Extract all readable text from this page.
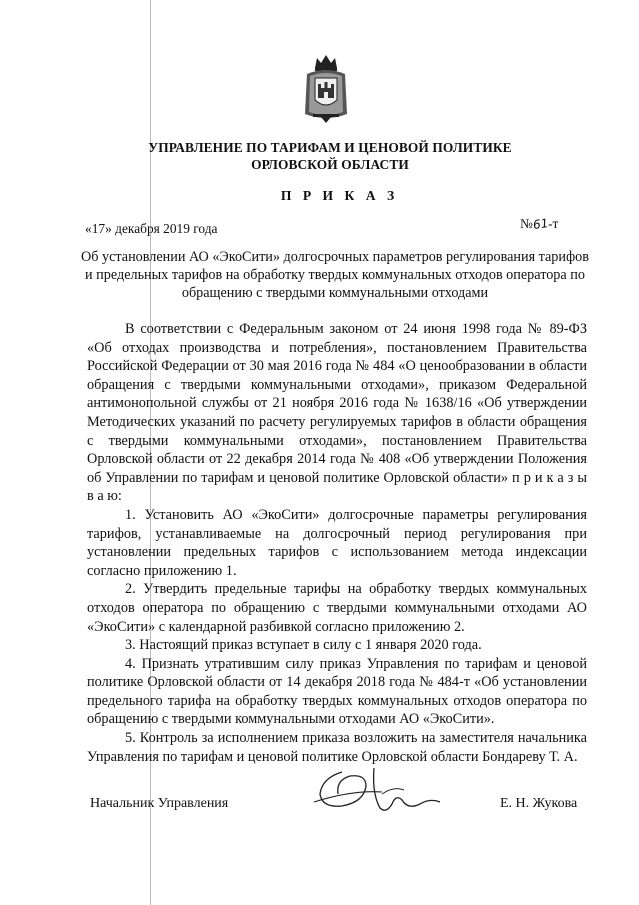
УПРАВЛЕНИЕ ПО ТАРИФАМ И ЦЕНОВОЙ ПОЛИТИКЕ
ОРЛОВСКОЙ ОБЛАСТИ
П Р И К А З
«17» декабря 2019 года	№61-т
Об установлении АО «ЭкоСити» долгосрочных параметров регулирования тарифов и предельных тарифов на обработку твердых коммунальных отходов оператора по обращению с твердыми коммунальными отходами

В соответствии с Федеральным законом от 24 июня 1998 года № 89-ФЗ «Об отходах производства и потребления», постановлением Правительства Российской Федерации от 30 мая 2016 года № 484 «О ценообразовании в области обращения с твердыми коммунальными отходами», приказом Федеральной антимонопольной службы от 21 ноября 2016 года № 1638/16 «Об утверждении Методических указаний по расчету регулируемых тарифов в области обращения с твердыми коммунальными отходами», постановлением Правительства Орловской области от 22 декабря 2014 года № 408 «Об утверждении Положения об Управлении по тарифам и ценовой политике Орловской области» п р и к а з ы в а ю:

1. Установить АО «ЭкоСити» долгосрочные параметры регулирования тарифов, устанавливаемые на долгосрочный период регулирования при установлении предельных тарифов с использованием метода индексации согласно приложению 1.

2. Утвердить предельные тарифы на обработку твердых коммунальных отходов оператора по обращению с твердыми коммунальными отходами АО «ЭкоСити» с календарной разбивкой согласно приложению 2.

3. Настоящий приказ вступает в силу с 1 января 2020 года.

4. Признать утратившим силу приказ Управления по тарифам и ценовой политике Орловской области от 14 декабря 2018 года № 484-т «Об установлении предельного тарифа на обработку твердых коммунальных отходов оператора по обращению с твердыми коммунальными отходами АО «ЭкоСити».

5. Контроль за исполнением приказа возложить на заместителя начальника Управления по тарифам и ценовой политике Орловской области Бондареву Т. А.

Начальник Управления	Е. Н. Жукова
